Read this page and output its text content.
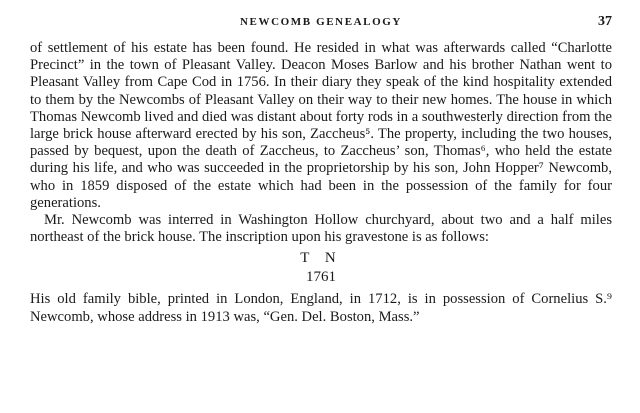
NEWCOMB GENEALOGY	37

of settlement of his estate has been found. He resided in what was afterwards called “Charlotte Precinct” in the town of Pleasant Valley. Deacon Moses Barlow and his brother Nathan went to Pleasant Valley from Cape Cod in 1756. In their diary they speak of the kind hospitality extended to them by the Newcombs of Pleasant Valley on their way to their new homes. The house in which Thomas Newcomb lived and died was distant about forty rods in a southwesterly direction from the large brick house afterward erected by his son, Zaccheus⁵. The property, including the two houses, passed by bequest, upon the death of Zaccheus, to Zaccheus’ son, Thomas⁶, who held the estate during his life, and who was succeeded in the proprietorship by his son, John Hopper⁷ Newcomb, who in 1859 disposed of the estate which had been in the possession of the family for four generations.

Mr. Newcomb was interred in Washington Hollow churchyard, about two and a half miles northeast of the brick house. The inscription upon his gravestone is as follows:

T N
1761

His old family bible, printed in London, England, in 1712, is in possession of Cornelius S.⁹ Newcomb, whose address in 1913 was, “Gen. Del. Boston, Mass.”
